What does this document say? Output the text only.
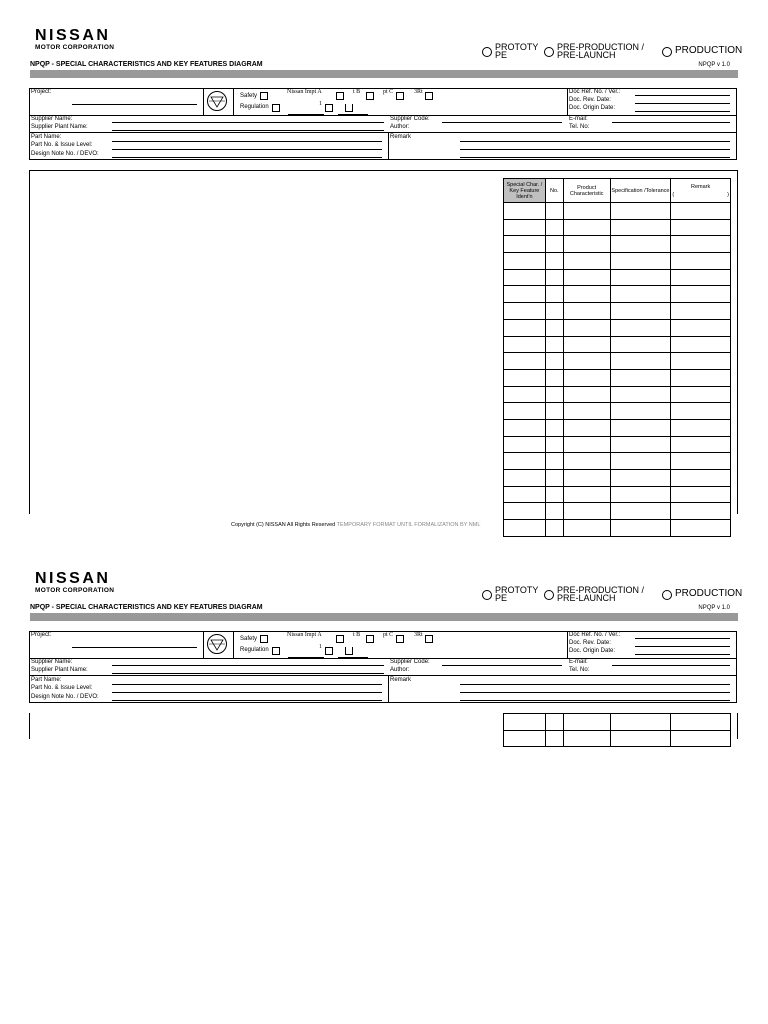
NISSAN
MOTOR CORPORATION
NPQP - SPECIAL CHARACTERISTICS AND KEY FEATURES DIAGRAM
PROTOTY PE
PRE-PRODUCTION / PRE-LAUNCH	PRODUCTION
NPQP v 1.0
Project:
Safety
Regulation
Nissan Impt A	t B	pt C	3Rt
1
Doc Ref. No. / Ver.:
Doc. Rev. Date:
Doc. Origin Date:
Supplier Name:
Supplier Plant Name:
Supplier Code:
Author:
E-mail:
Tel. No:
Part Name:
Part No. & Issue Level:
Design Note No. / DEVO:
Remark
Special Char. / Key Feature Ident'n	No.	Product Characteristic	Specification /Tolerance	Remark
( )

Copyright (C) NISSAN All Rights Reserved TEMPORARY FORMAT UNTIL FORMALIZATION BY NML
NISSAN
MOTOR CORPORATION
NPQP - SPECIAL CHARACTERISTICS AND KEY FEATURES DIAGRAM
PROTOTY PE
PRE-PRODUCTION / PRE-LAUNCH	PRODUCTION
NPQP v 1.0
Project:
Safety
Regulation
Nissan Impt A	t B	pt C	3Rt
1
Doc Ref. No. / Ver.:
Doc. Rev. Date:
Doc. Origin Date:
Supplier Name:
Supplier Plant Name:
Supplier Code:
Author:
E-mail:
Tel. No:
Part Name:
Part No. & Issue Level:
Design Note No. / DEVO:
Remark
